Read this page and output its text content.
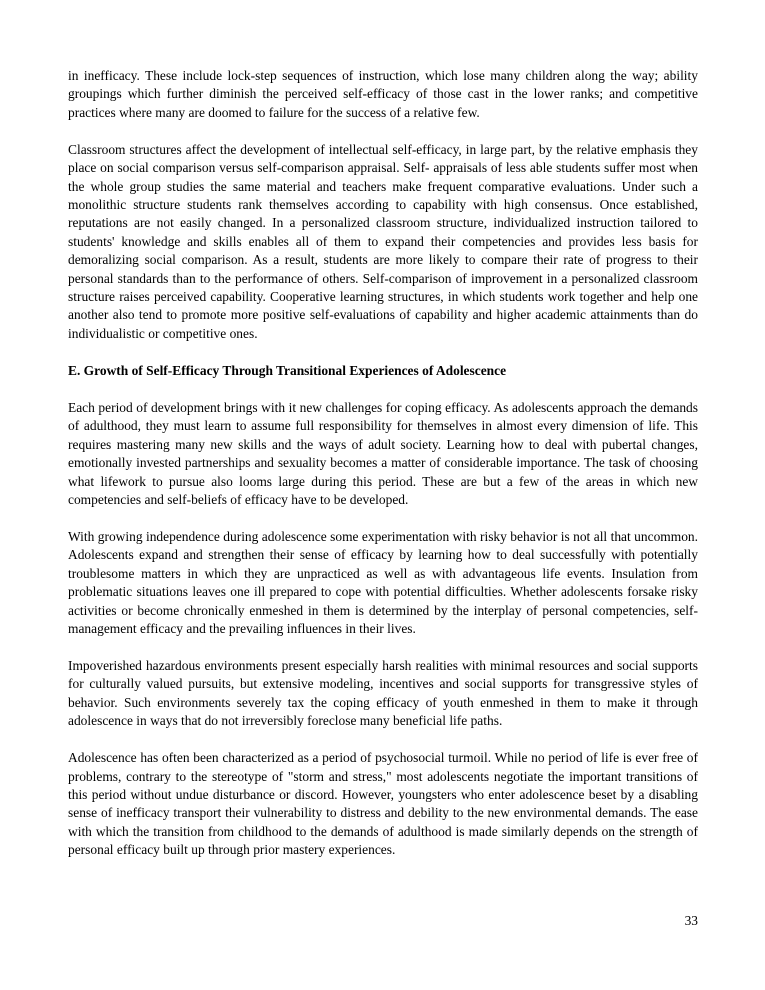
in inefficacy. These include lock-step sequences of instruction, which lose many children along the way; ability groupings which further diminish the perceived self-efficacy of those cast in the lower ranks; and competitive practices where many are doomed to failure for the success of a relative few.

Classroom structures affect the development of intellectual self-efficacy, in large part, by the relative emphasis they place on social comparison versus self-comparison appraisal. Self- appraisals of less able students suffer most when the whole group studies the same material and teachers make frequent comparative evaluations. Under such a monolithic structure students rank themselves according to capability with high consensus. Once established, reputations are not easily changed. In a personalized classroom structure, individualized instruction tailored to students' knowledge and skills enables all of them to expand their competencies and provides less basis for demoralizing social comparison. As a result, students are more likely to compare their rate of progress to their personal standards than to the performance of others. Self-comparison of improvement in a personalized classroom structure raises perceived capability. Cooperative learning structures, in which students work together and help one another also tend to promote more positive self-evaluations of capability and higher academic attainments than do individualistic or competitive ones.

E. Growth of Self-Efficacy Through Transitional Experiences of Adolescence

Each period of development brings with it new challenges for coping efficacy. As adolescents approach the demands of adulthood, they must learn to assume full responsibility for themselves in almost every dimension of life. This requires mastering many new skills and the ways of adult society. Learning how to deal with pubertal changes, emotionally invested partnerships and sexuality becomes a matter of considerable importance. The task of choosing what lifework to pursue also looms large during this period. These are but a few of the areas in which new competencies and self-beliefs of efficacy have to be developed.

With growing independence during adolescence some experimentation with risky behavior is not all that uncommon. Adolescents expand and strengthen their sense of efficacy by learning how to deal successfully with potentially troublesome matters in which they are unpracticed as well as with advantageous life events. Insulation from problematic situations leaves one ill prepared to cope with potential difficulties. Whether adolescents forsake risky activities or become chronically enmeshed in them is determined by the interplay of personal competencies, self- management efficacy and the prevailing influences in their lives.

Impoverished hazardous environments present especially harsh realities with minimal resources and social supports for culturally valued pursuits, but extensive modeling, incentives and social supports for transgressive styles of behavior. Such environments severely tax the coping efficacy of youth enmeshed in them to make it through adolescence in ways that do not irreversibly foreclose many beneficial life paths.

Adolescence has often been characterized as a period of psychosocial turmoil. While no period of life is ever free of problems, contrary to the stereotype of "storm and stress," most adolescents negotiate the important transitions of this period without undue disturbance or discord. However, youngsters who enter adolescence beset by a disabling sense of inefficacy transport their vulnerability to distress and debility to the new environmental demands. The ease with which the transition from childhood to the demands of adulthood is made similarly depends on the strength of personal efficacy built up through prior mastery experiences.

33
